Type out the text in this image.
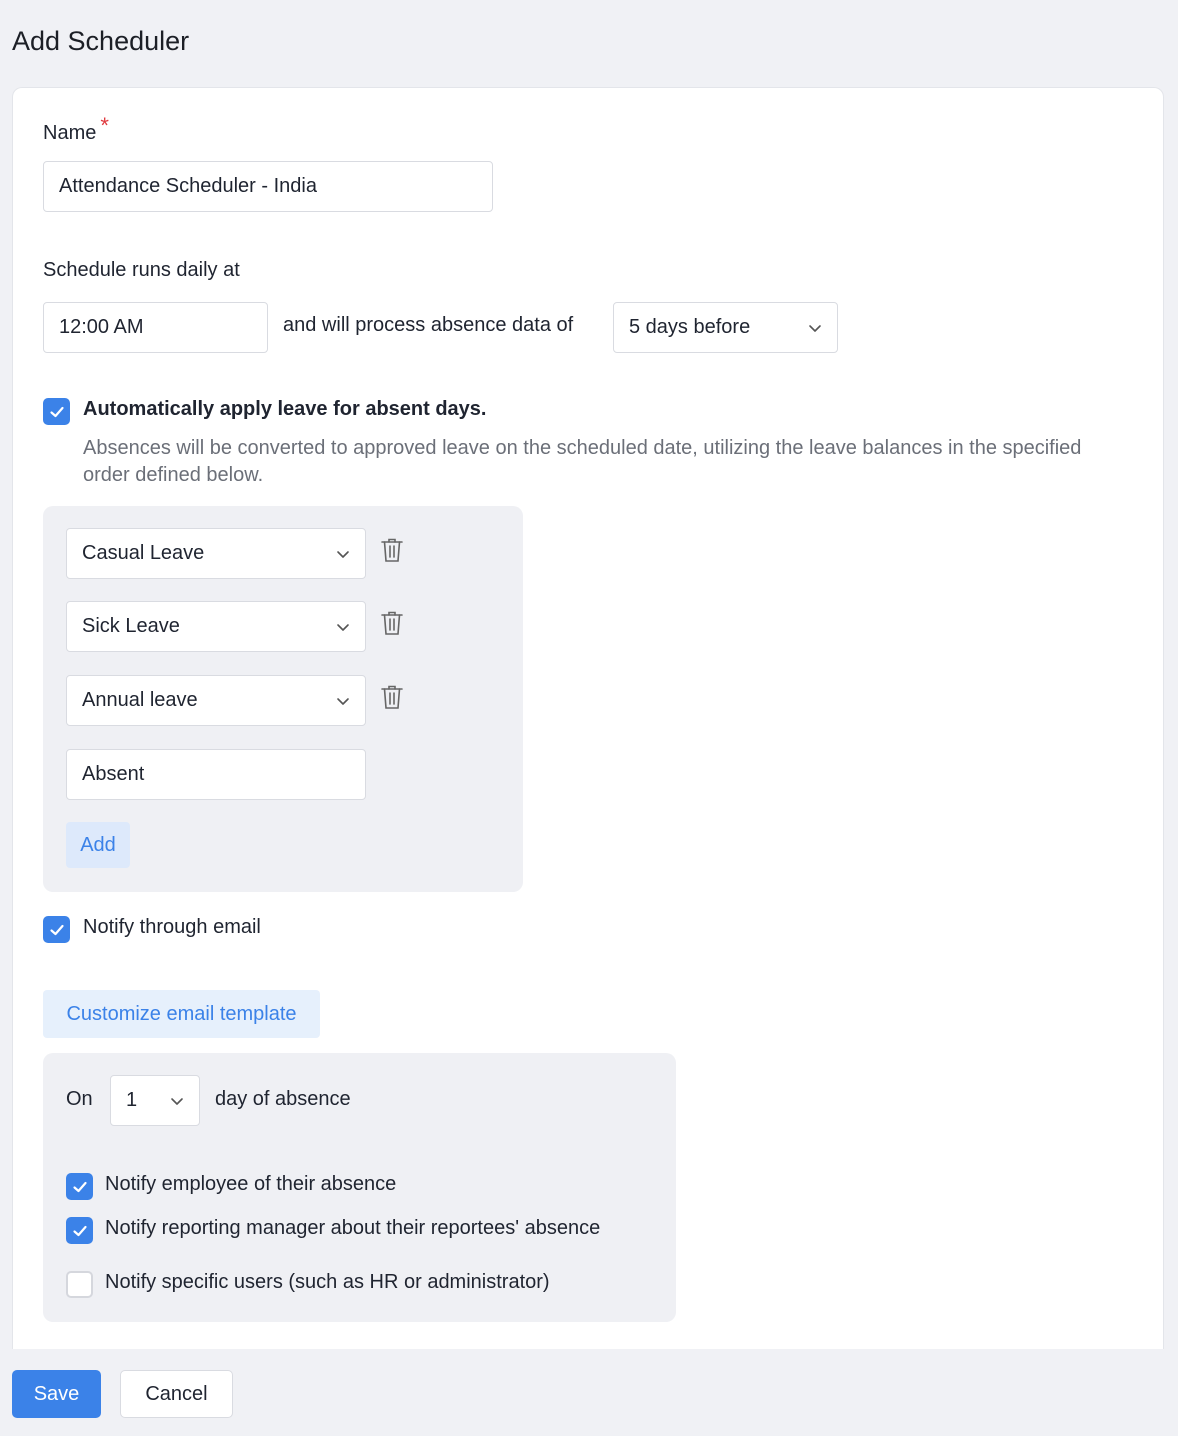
Add Scheduler
Name *
Attendance Scheduler - India
Schedule runs daily at
12:00 AM	and will process absence data of	5 days before
Automatically apply leave for absent days.
Absences will be converted to approved leave on the scheduled date, utilizing the leave balances in the specified order defined below.
Casual Leave
Sick Leave
Annual leave
Absent
Add
Notify through email
Customize email template
On 1	day of absence
Notify employee of their absence
Notify reporting manager about their reportees' absence
Notify specific users (such as HR or administrator)
Save	Cancel
